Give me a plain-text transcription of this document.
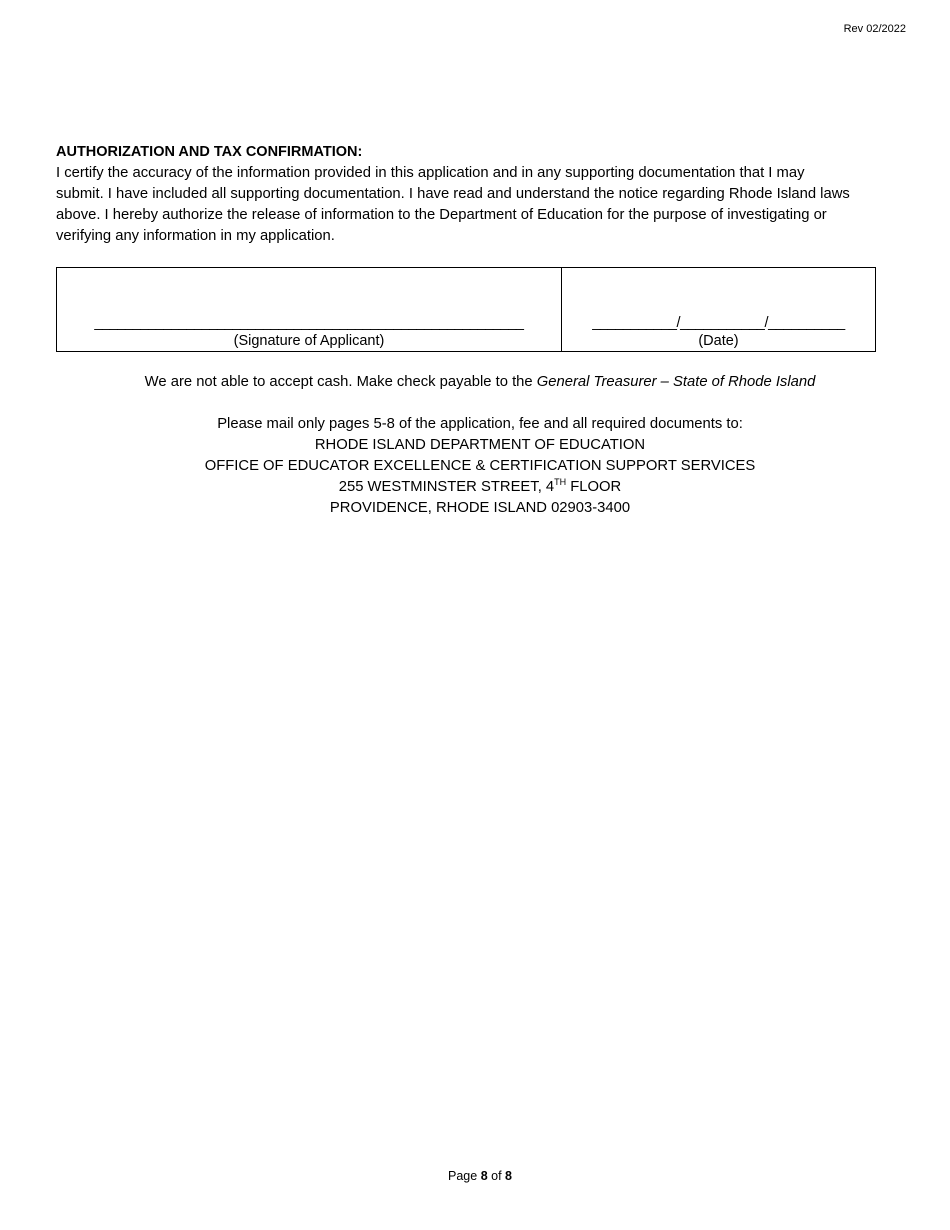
Rev 02/2022
AUTHORIZATION AND TAX CONFIRMATION:

I certify the accuracy of the information provided in this application and in any supporting documentation that I may
submit. I have included all supporting documentation. I have read and understand the notice regarding Rhode Island laws
above. I hereby authorize the release of information to the Department of Education for the purpose of investigating or
verifying any information in my application.

________________________________________________________
(Signature of Applicant)

___________/___________/__________
(Date)
We are not able to accept cash. Make check payable to the General Treasurer – State of Rhode Island
Please mail only pages 5-8 of the application, fee and all required documents to:
RHODE ISLAND DEPARTMENT OF EDUCATION
OFFICE OF EDUCATOR EXCELLENCE & CERTIFICATION SUPPORT SERVICES
255 WESTMINSTER STREET, 4TH FLOOR
PROVIDENCE, RHODE ISLAND 02903-3400
Page 8 of 8
